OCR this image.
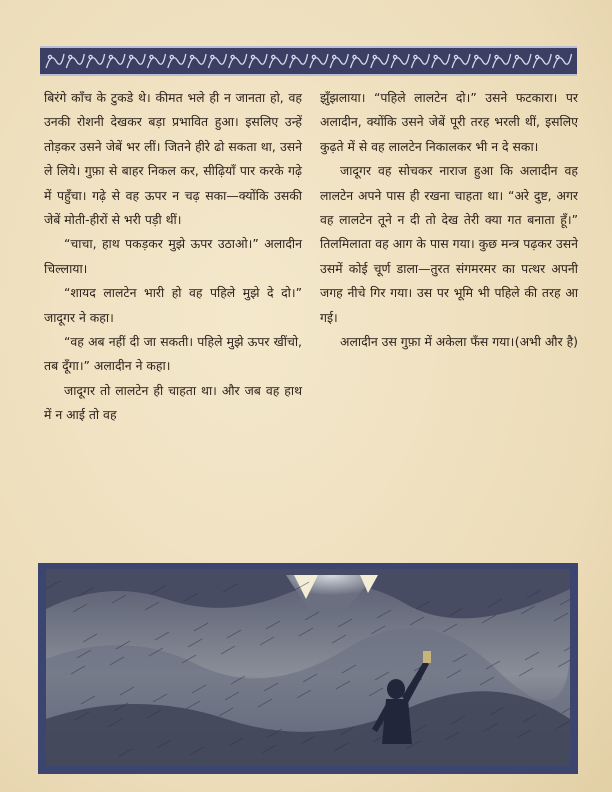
बिरंगे काँच के टुकडे थे। कीमत भले ही न जानता हो, वह उनकी रोशनी देखकर बड़ा प्रभावित हुआ। इसलिए उन्हें तोड़कर उसने जेबें भर लीं। जितने हीरे ढो सकता था, उसने ले लिये। गुफ़ा से बाहर निकल कर, सीढ़ियाँ पार करके गढ़े में पहुँचा। गढ़े से वह ऊपर न चढ़ सका—क्योंकि उसकी जेबें मोती-हीरों से भरी पड़ी थीं।

“चाचा, हाथ पकड़कर मुझे ऊपर उठाओ।” अलादीन चिल्लाया।

“शायद लालटेन भारी हो वह पहिले मुझे दे दो।” जादूगर ने कहा।

“वह अब नहीं दी जा सकती। पहिले मुझे ऊपर खींचो, तब दूँगा।” अलादीन ने कहा।

जादूगर तो लालटेन ही चाहता था। और जब वह हाथ में न आई तो वह

झुँझलाया। “पहिले लालटेन दो।” उसने फटकारा। पर अलादीन, क्योंकि उसने जेबें पूरी तरह भरली थीं, इसलिए कुढ़ते में से वह लालटेन निकालकर भी न दे सका।

जादूगर वह सोचकर नाराज हुआ कि अलादीन वह लालटेन अपने पास ही रखना चाहता था। “अरे दुष्ट, अगर वह लालटेन तूने न दी तो देख तेरी क्या गत बनाता हूँ।” तिलमिलाता वह आग के पास गया। कुछ मन्त्र पढ़कर उसने उसमें कोई चूर्ण डाला—तुरत संगमरमर का पत्थर अपनी जगह नीचे गिर गया। उस पर भूमि भी पहिले की तरह आ गई।

अलादीन उस गुफ़ा में अकेला फँस गया। (अभी और है)
